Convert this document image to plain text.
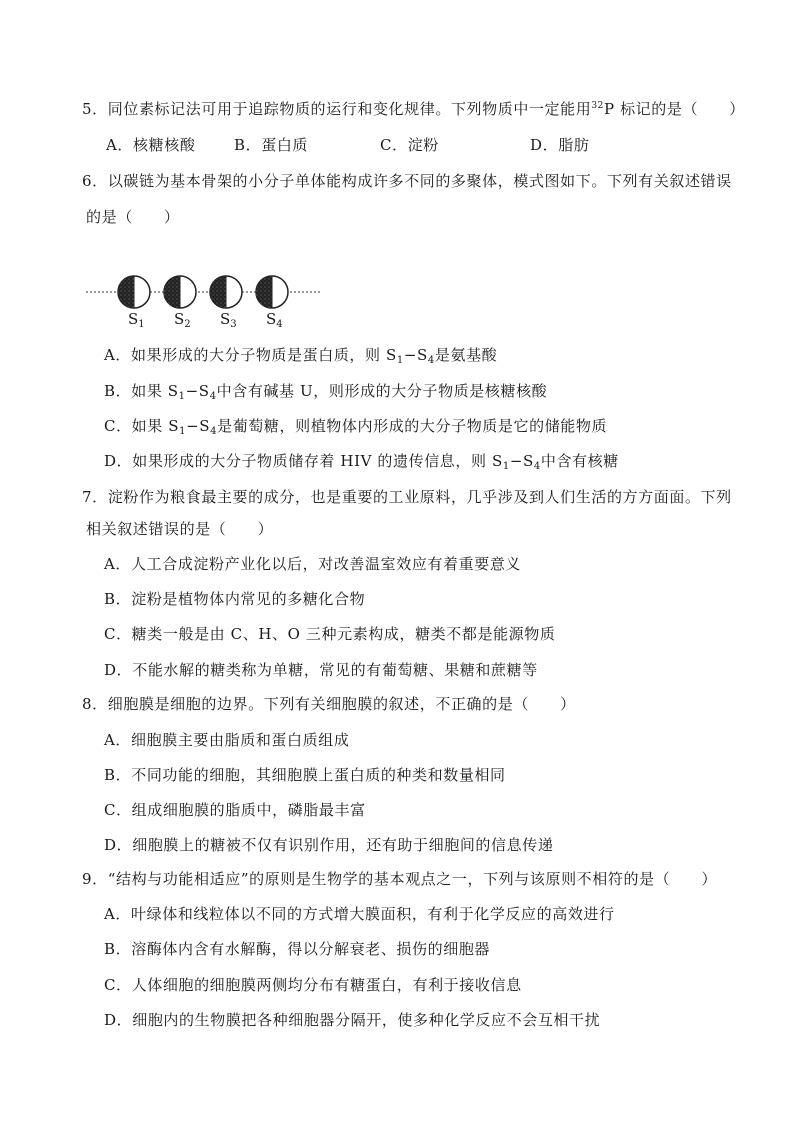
5．同位素标记法可用于追踪物质的运行和变化规律。下列物质中一定能用$^{32}$P 标记的是（　　）
A．核糖核酸	B．蛋白质	C．淀粉	D．脂肪
6．以碳链为基本骨架的小分子单体能构成许多不同的多聚体，模式图如下。下列有关叙述错误
的是（　　）
$S_1$ $S_2$ $S_3$ $S_4$
A．如果形成的大分子物质是蛋白质，则 $S_1-S_4$是氨基酸
B．如果 $S_1-S_4$中含有碱基 U，则形成的大分子物质是核糖核酸
C．如果 $S_1-S_4$是葡萄糖，则植物体内形成的大分子物质是它的储能物质
D．如果形成的大分子物质储存着 HIV 的遗传信息，则 $S_1-S_4$中含有核糖
7．淀粉作为粮食最主要的成分，也是重要的工业原料，几乎涉及到人们生活的方方面面。下列
相关叙述错误的是（　　）
A．人工合成淀粉产业化以后，对改善温室效应有着重要意义
B．淀粉是植物体内常见的多糖化合物
C．糖类一般是由 C、H、O 三种元素构成，糖类不都是能源物质
D．不能水解的糖类称为单糖，常见的有葡萄糖、果糖和蔗糖等
8．细胞膜是细胞的边界。下列有关细胞膜的叙述，不正确的是（　　）
A．细胞膜主要由脂质和蛋白质组成
B．不同功能的细胞，其细胞膜上蛋白质的种类和数量相同
C．组成细胞膜的脂质中，磷脂最丰富
D．细胞膜上的糖被不仅有识别作用，还有助于细胞间的信息传递
9．“结构与功能相适应”的原则是生物学的基本观点之一，下列与该原则不相符的是（　　）
A．叶绿体和线粒体以不同的方式增大膜面积，有利于化学反应的高效进行
B．溶酶体内含有水解酶，得以分解衰老、损伤的细胞器
C．人体细胞的细胞膜两侧均分布有糖蛋白，有利于接收信息
D．细胞内的生物膜把各种细胞器分隔开，使多种化学反应不会互相干扰
